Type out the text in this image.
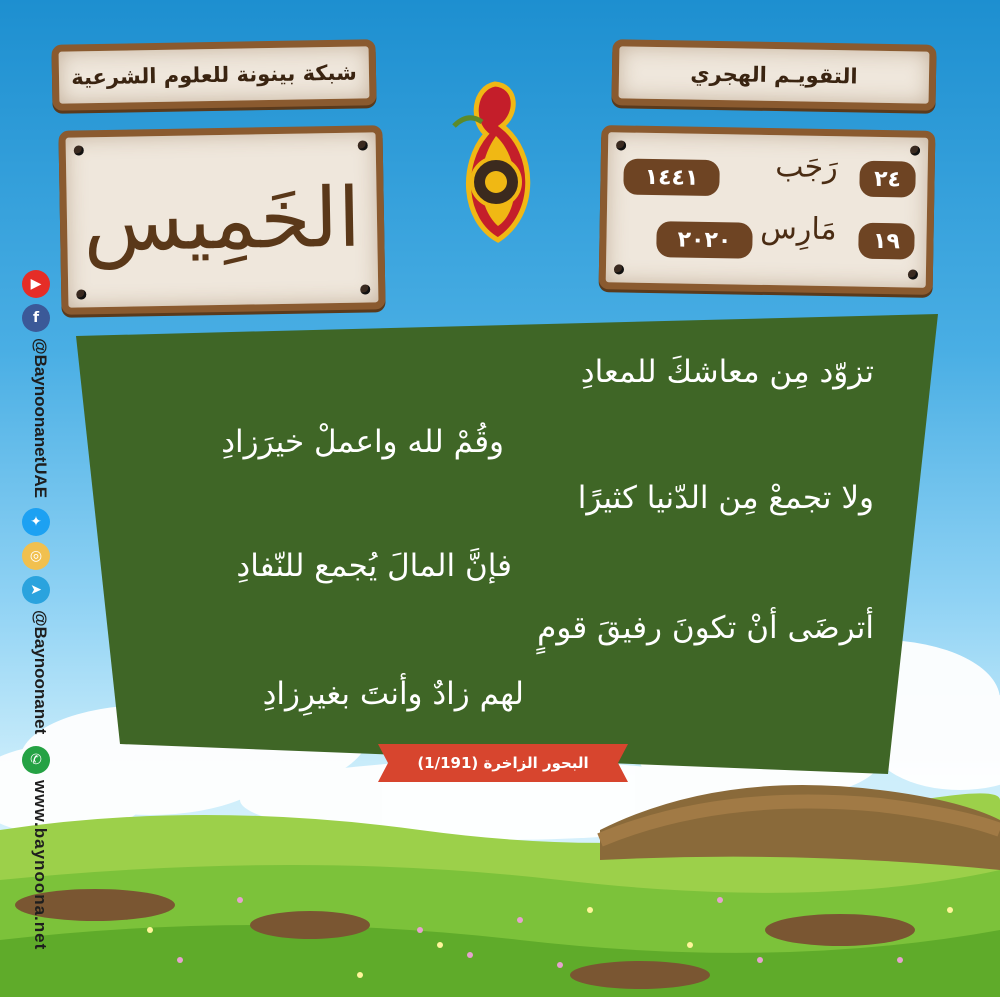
التقويـم الهجري
شبكة بينونة للعلوم الشرعية
الخَمِيس	٢٤
رَجَب
١٤٤١
١٩
مَارِس
٢٠٢٠
تزوّد مِن معاشكَ للمعادِ
وقُمْ لله واعملْ خيرَزادِ
ولا تجمعْ مِن الدّنيا كثيرًا
فإنَّ المالَ يُجمع للنّفادِ
أترضَى أنْ تكونَ رفيقَ قومٍ
لهم زادٌ وأنتَ بغيرِزادِ
البحور الزاخرة (1/191)
▶
f
@BaynoonanetUAE
✦
◎
➤
@Baynoonanet
✆
www.baynoona.net
